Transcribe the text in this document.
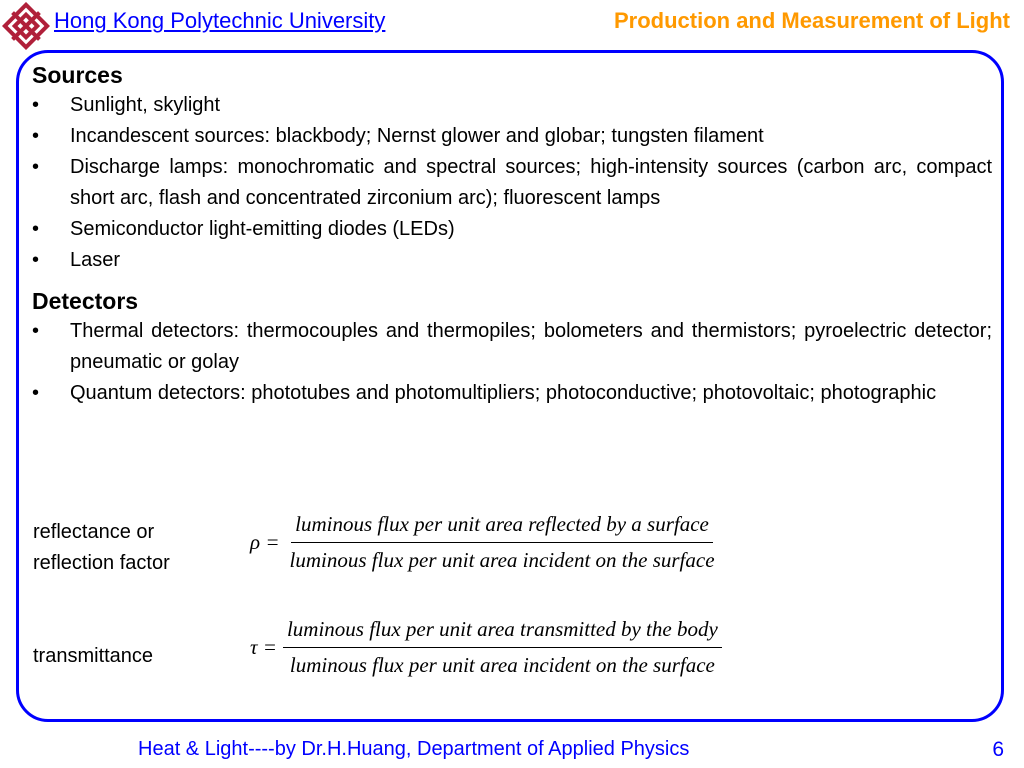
Hong Kong Polytechnic University	Production and Measurement of Light
Sources
• Sunlight, skylight
• Incandescent sources: blackbody; Nernst glower and globar; tungsten filament
• Discharge lamps: monochromatic and spectral sources; high-intensity sources (carbon arc, compact short arc, flash and concentrated zirconium arc); fluorescent lamps
• Semiconductor light-emitting diodes (LEDs)
• Laser
Detectors
• Thermal detectors: thermocouples and thermopiles; bolometers and thermistors; pyroelectric detector; pneumatic or golay
• Quantum detectors: phototubes and photomultipliers; photoconductive; photovoltaic; photographic
reflectance or
reflection factor
$\rho = \frac{\text{luminous flux per unit area reflected by a surface}}{\text{luminous flux per unit area incident on the surface}}$
transmittance	$\tau = \frac{\text{luminous flux per unit area transmitted by the body}}{\text{luminous flux per unit area incident on the surface}}$
Heat & Light----by Dr.H.Huang, Department of Applied Physics	6
